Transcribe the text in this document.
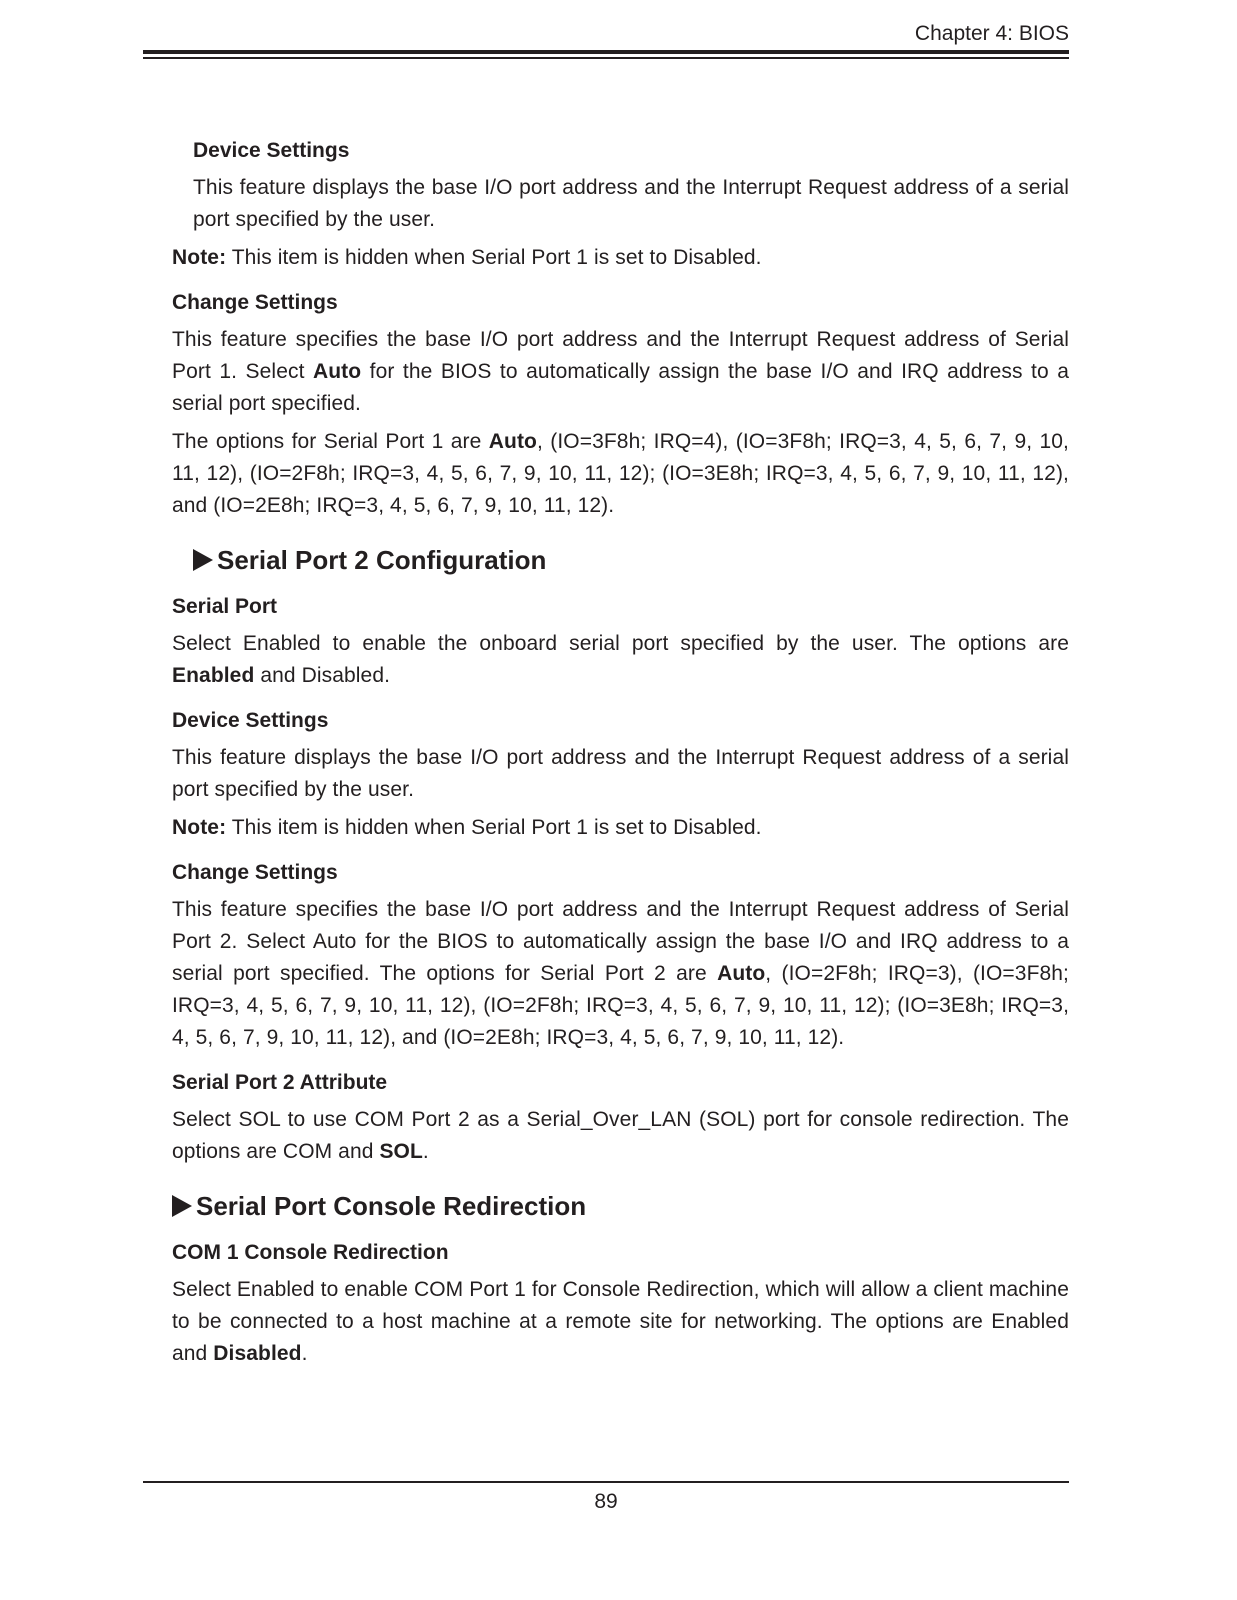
Chapter 4: BIOS
Device Settings

This feature displays the base I/O port address and the Interrupt Request address of a serial port specified by the user.

Note: This item is hidden when Serial Port 1 is set to Disabled.

Change Settings

This feature specifies the base I/O port address and the Interrupt Request address of Serial Port 1. Select Auto for the BIOS to automatically assign the base I/O and IRQ address to a serial port specified.

The options for Serial Port 1 are Auto, (IO=3F8h; IRQ=4), (IO=3F8h; IRQ=3, 4, 5, 6, 7, 9, 10, 11, 12), (IO=2F8h; IRQ=3, 4, 5, 6, 7, 9, 10, 11, 12); (IO=3E8h; IRQ=3, 4, 5, 6, 7, 9, 10, 11, 12), and (IO=2E8h; IRQ=3, 4, 5, 6, 7, 9, 10, 11, 12).

Serial Port 2 Configuration
Serial Port

Select Enabled to enable the onboard serial port specified by the user. The options are Enabled and Disabled.

Device Settings

This feature displays the base I/O port address and the Interrupt Request address of a serial port specified by the user.

Note: This item is hidden when Serial Port 1 is set to Disabled.

Change Settings

This feature specifies the base I/O port address and the Interrupt Request address of Serial Port 2. Select Auto for the BIOS to automatically assign the base I/O and IRQ address to a serial port specified. The options for Serial Port 2 are Auto, (IO=2F8h; IRQ=3), (IO=3F8h; IRQ=3, 4, 5, 6, 7, 9, 10, 11, 12), (IO=2F8h; IRQ=3, 4, 5, 6, 7, 9, 10, 11, 12); (IO=3E8h; IRQ=3, 4, 5, 6, 7, 9, 10, 11, 12), and (IO=2E8h; IRQ=3, 4, 5, 6, 7, 9, 10, 11, 12).

Serial Port 2 Attribute

Select SOL to use COM Port 2 as a Serial_Over_LAN (SOL) port for console redirection. The options are COM and SOL.

Serial Port Console Redirection
COM 1 Console Redirection

Select Enabled to enable COM Port 1 for Console Redirection, which will allow a client machine to be connected to a host machine at a remote site for networking. The options are Enabled and Disabled.

89
